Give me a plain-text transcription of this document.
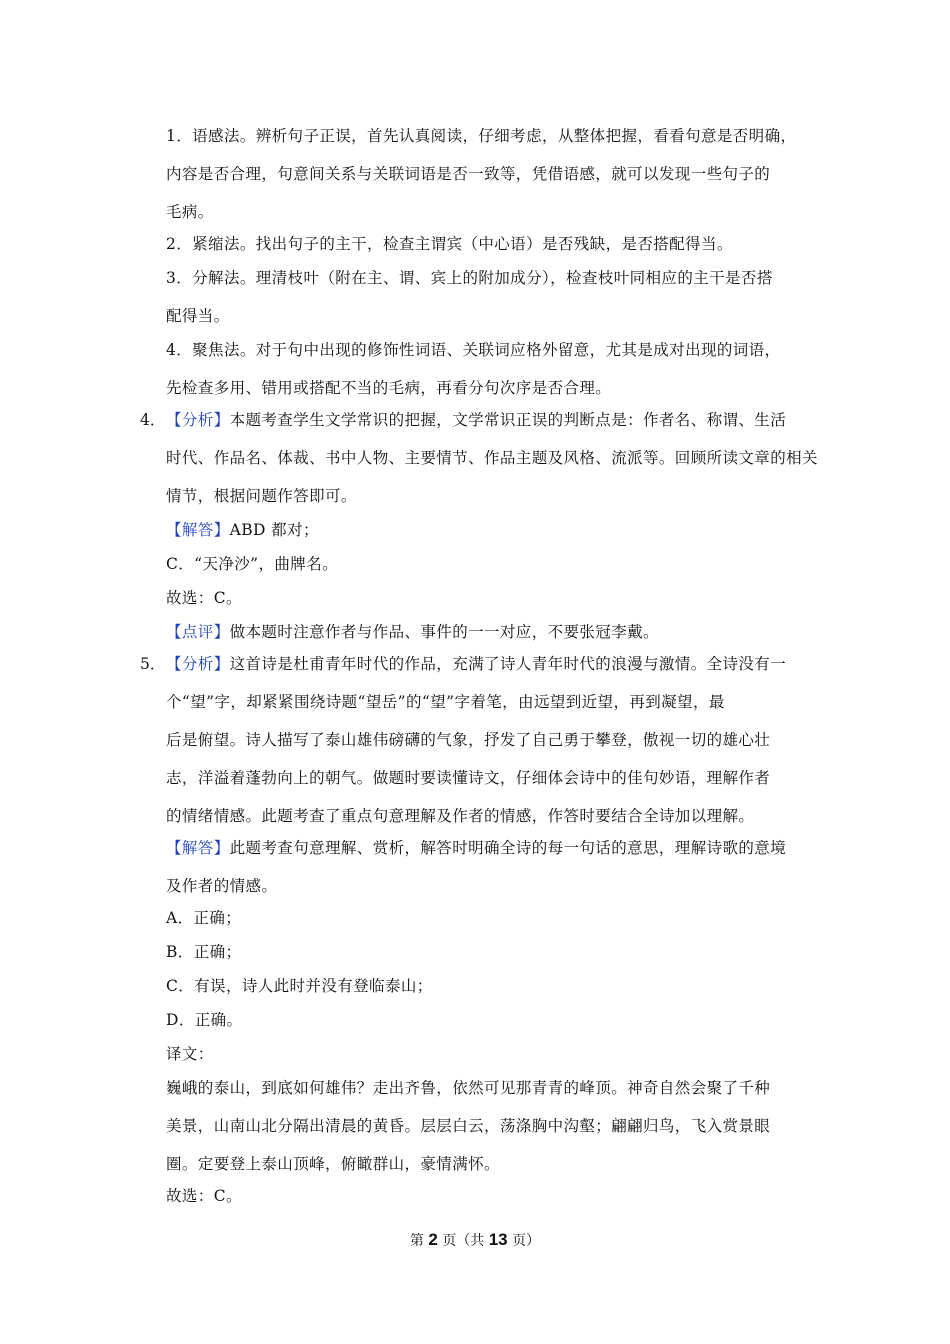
1．语感法。辨析句子正误，首先认真阅读，仔细考虑，从整体把握，看看句意是否明确，
内容是否合理，句意间关系与关联词语是否一致等，凭借语感，就可以发现一些句子的
毛病。
2．紧缩法。找出句子的主干，检查主谓宾（中心语）是否残缺，是否搭配得当。
3．分解法。理清枝叶（附在主、谓、宾上的附加成分），检查枝叶同相应的主干是否搭
配得当。
4．聚焦法。对于句中出现的修饰性词语、关联词应格外留意，尤其是成对出现的词语，
先检查多用、错用或搭配不当的毛病，再看分句次序是否合理。
4． 【分析】本题考查学生文学常识的把握，文学常识正误的判断点是：作者名、称谓、生活
时代、作品名、体裁、书中人物、主要情节、作品主题及风格、流派等。回顾所读文章的相关
情节，根据问题作答即可。
【解答】ABD 都对；
C．“天净沙”，曲牌名。
故选：C。
【点评】做本题时注意作者与作品、事件的一一对应，不要张冠李戴。
5． 【分析】这首诗是杜甫青年时代的作品，充满了诗人青年时代的浪漫与激情。全诗没有一
个“望”字，却紧紧围绕诗题“望岳”的“望”字着笔，由远望到近望，再到凝望，最
后是俯望。诗人描写了泰山雄伟磅礴的气象，抒发了自己勇于攀登，傲视一切的雄心壮
志，洋溢着蓬勃向上的朝气。做题时要读懂诗文，仔细体会诗中的佳句妙语，理解作者
的情绪情感。此题考查了重点句意理解及作者的情感，作答时要结合全诗加以理解。
【解答】此题考查句意理解、赏析，解答时明确全诗的每一句话的意思，理解诗歌的意境
及作者的情感。
A．正确；
B．正确；
C．有误，诗人此时并没有登临泰山；
D．正确。
译文：
巍峨的泰山，到底如何雄伟？走出齐鲁，依然可见那青青的峰顶。神奇自然会聚了千种
美景，山南山北分隔出清晨的黄昏。层层白云，荡涤胸中沟壑；翩翩归鸟，飞入赏景眼
圈。定要登上泰山顶峰，俯瞰群山，豪情满怀。
故选：C。
第 2 页（共 13 页）
